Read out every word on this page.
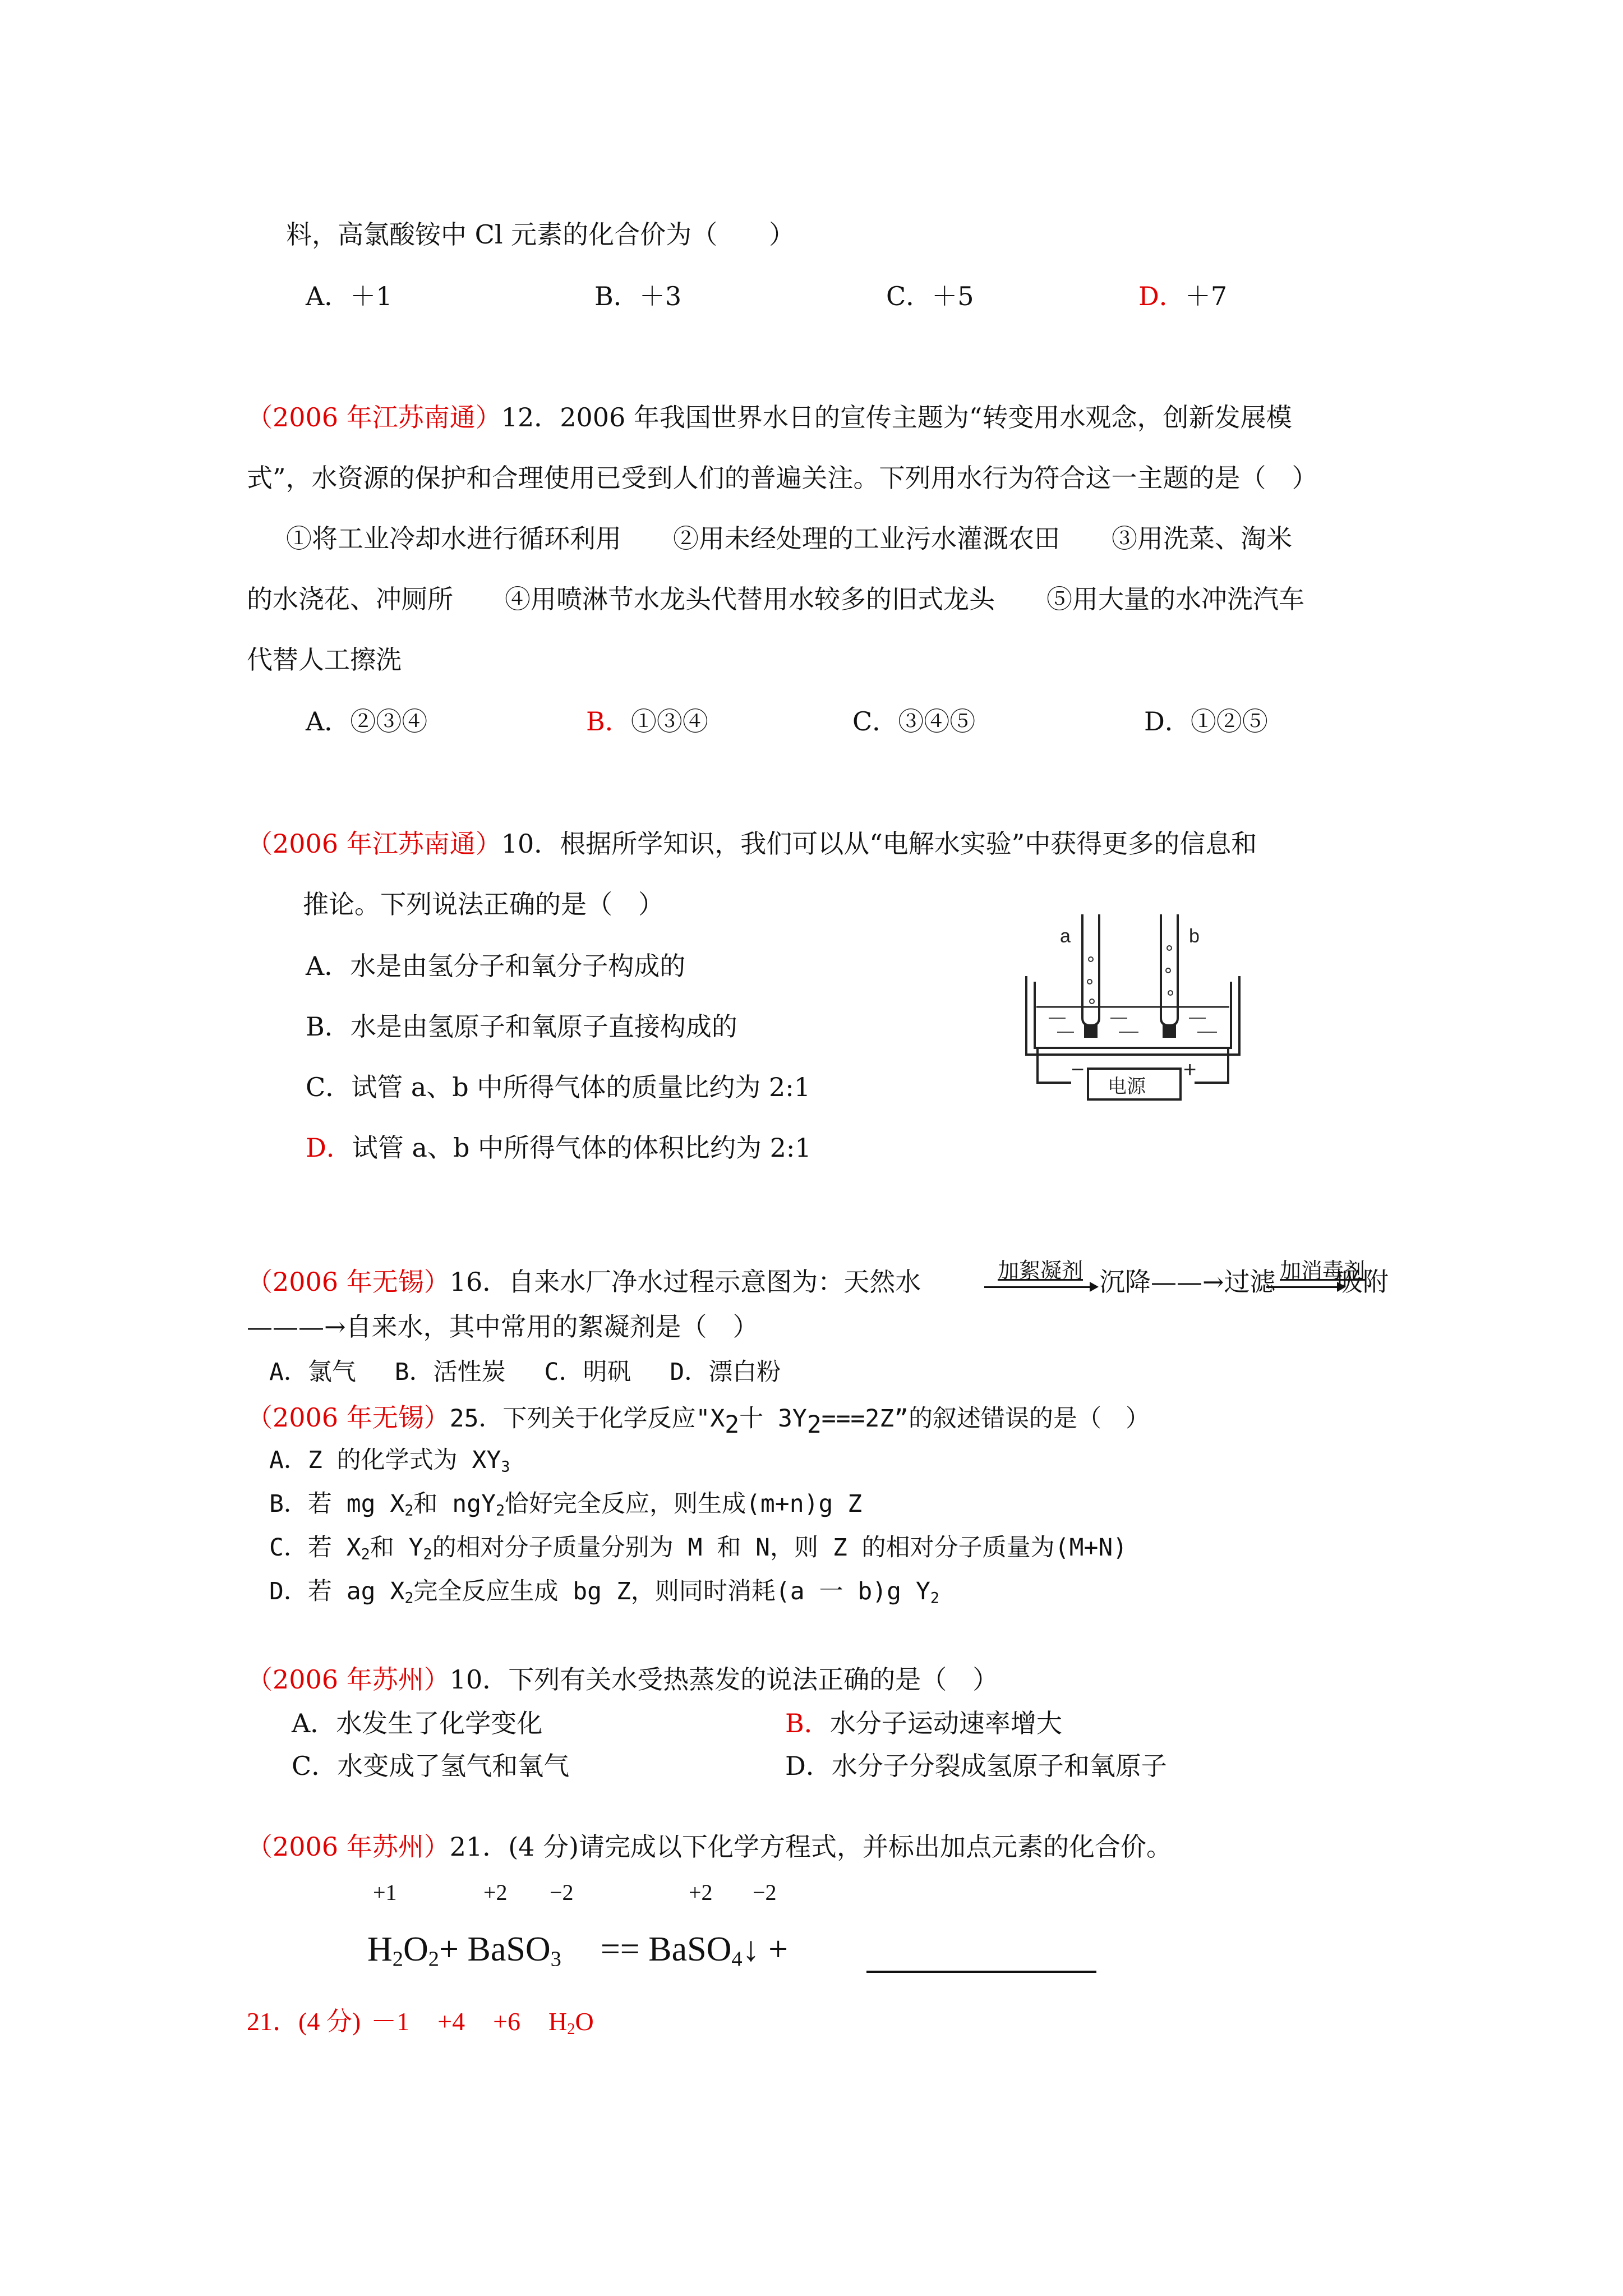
料，高氯酸铵中 Cl 元素的化合价为（　　）
A．＋1	B．＋3	C．＋5	D．＋7
（2006 年江苏南通）12．2006 年我国世界水日的宣传主题为“转变用水观念，创新发展模
式”，水资源的保护和合理使用已受到人们的普遍关注。下列用水行为符合这一主题的是（　）
①将工业冷却水进行循环利用　　②用未经处理的工业污水灌溉农田　　③用洗菜、淘米
的水浇花、冲厕所　　④用喷淋节水龙头代替用水较多的旧式龙头　　⑤用大量的水冲洗汽车
代替人工擦洗
A．②③④	B．①③④	C．③④⑤	D．①②⑤
（2006 年江苏南通）10．根据所学知识，我们可以从“电解水实验”中获得更多的信息和
推论。下列说法正确的是（　）
A．水是由氢分子和氧分子构成的
B．水是由氢原子和氧原子直接构成的
C．试管 a、b 中所得气体的质量比约为 2:1
D．试管 a、b 中所得气体的体积比约为 2:1
a	b
−	+
电源
（2006 年无锡）16．自来水厂净水过程示意图为：天然水	加絮凝剂 沉降——→过滤 加消毒剂
吸附
———→自来水，其中常用的絮凝剂是（　）
A．氯气　 B．活性炭　 C．明矾　 D．漂白粉
（2006 年无锡）25．下列关于化学反应"$X_2$十 $3Y_2===2Z$”的叙述错误的是（　）
A．Z 的化学式为 $XY_3$
B．若 mg $X_2$和 ngY$_2$恰好完全反应，则生成(m+n)g Z
C．若 $X_2$和 $Y_2$的相对分子质量分别为 M 和 N，则 Z 的相对分子质量为(M+N)
D．若 ag $X_2$完全反应生成 bg Z，则同时消耗(a 一 b)g $Y_2$
（2006 年苏州）10．下列有关水受热蒸发的说法正确的是（　）
A．水发生了化学变化	B．水分子运动速率增大
C．水变成了氢气和氧气	D．水分子分裂成氢原子和氧原子
（2006 年苏州）21．(4 分)请完成以下化学方程式，并标出加点元素的化合价。
+1	+2 −2	+2 −2
$H_2O_2+$ BaSO$_3$ == BaSO$_4$↓ +
21．(4 分) －1 +4 +6 $H_2O$
